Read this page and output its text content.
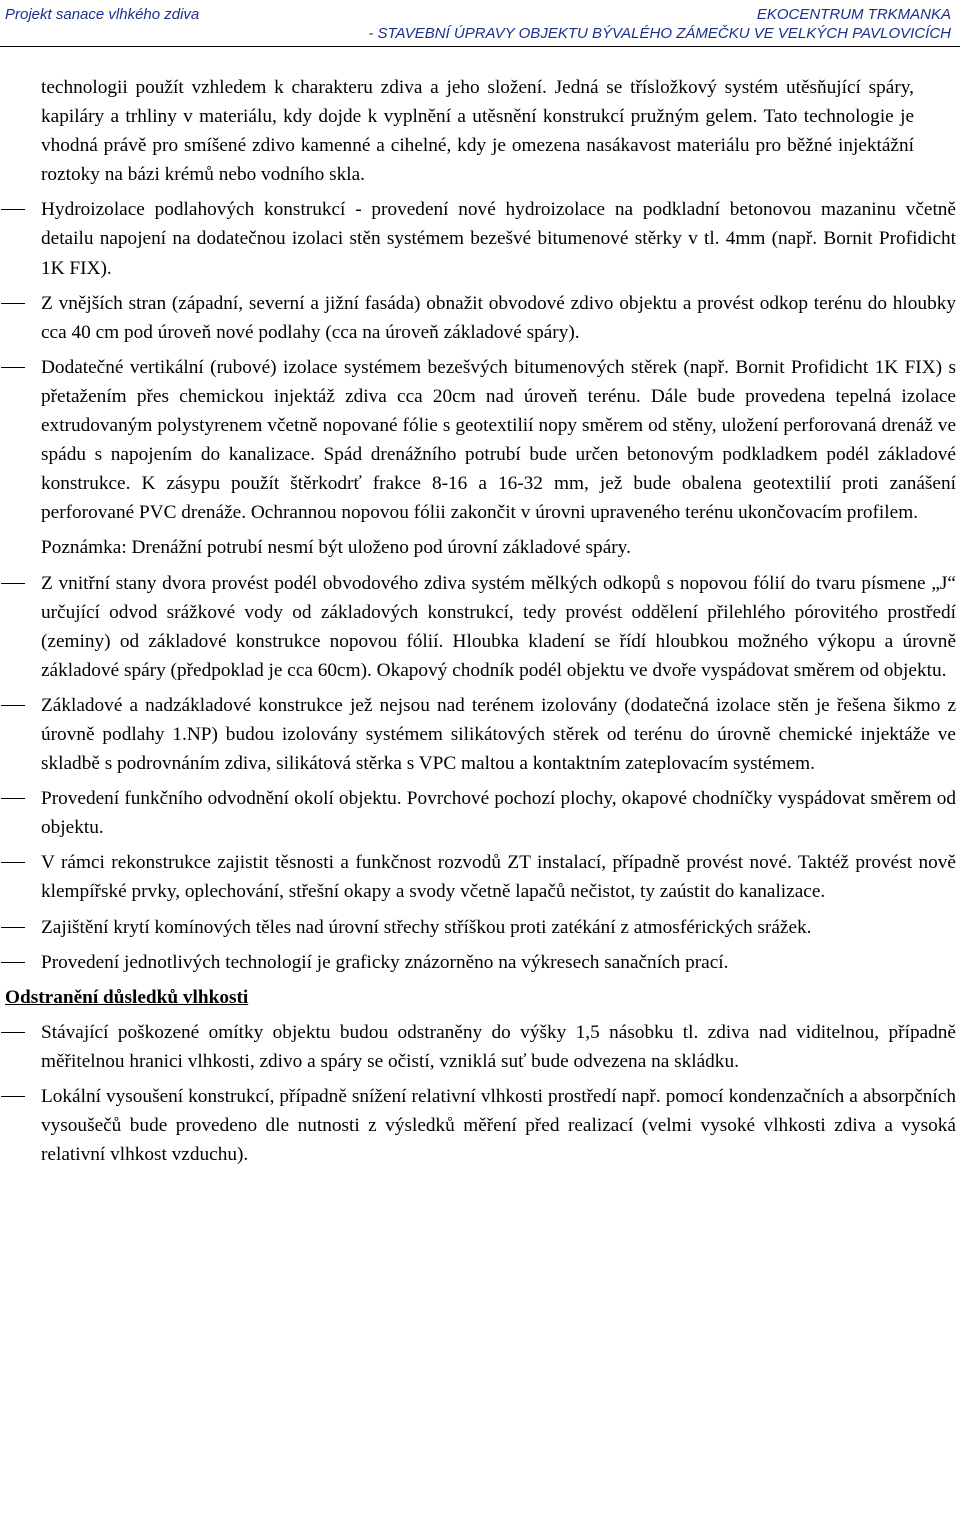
Projekt sanace vlhkého zdiva	EKOCENTRUM TRKMANKA
- STAVEBNÍ ÚPRAVY OBJEKTU BÝVALÉHO ZÁMEČKU VE VELKÝCH PAVLOVICÍCH

technologii použít vzhledem k charakteru zdiva a jeho složení. Jedná se třísložkový systém utěsňující spáry, kapiláry a trhliny v materiálu, kdy dojde k vyplnění a utěsnění konstrukcí pružným gelem. Tato technologie je vhodná právě pro smíšené zdivo kamenné a cihelné, kdy je omezena nasákavost materiálu pro běžné injektážní roztoky na bázi krémů nebo vodního skla.

Hydroizolace podlahových konstrukcí - provedení nové hydroizolace na podkladní betonovou mazaninu včetně detailu napojení na dodatečnou izolaci stěn systémem bezešvé bitumenové stěrky v tl. 4mm (např. Bornit Profidicht 1K FIX).
Z vnějších stran (západní, severní a jižní fasáda) obnažit obvodové zdivo objektu a provést odkop terénu do hloubky cca 40 cm pod úroveň nové podlahy (cca na úroveň základové spáry).
Dodatečné vertikální (rubové) izolace systémem bezešvých bitumenových stěrek (např. Bornit Profidicht 1K FIX) s přetažením přes chemickou injektáž zdiva cca 20cm nad úroveň terénu. Dále bude provedena tepelná izolace extrudovaným polystyrenem včetně nopované fólie s geotextilií nopy směrem od stěny, uložení perforovaná drenáž ve spádu s napojením do kanalizace. Spád drenážního potrubí bude určen betonovým podkladkem podél základové konstrukce. K zásypu použít štěrkodrť frakce 8-16 a 16-32 mm, jež bude obalena geotextilií proti zanášení perforované PVC drenáže. Ochrannou nopovou fólii zakončit v úrovni upraveného terénu ukončovacím profilem.
Poznámka: Drenážní potrubí nesmí být uloženo pod úrovní základové spáry.
Z vnitřní stany dvora provést podél obvodového zdiva systém mělkých odkopů s nopovou fólií do tvaru písmene „J“ určující odvod srážkové vody od základových konstrukcí, tedy provést oddělení přilehlého pórovitého prostředí (zeminy) od základové konstrukce nopovou fólií. Hloubka kladení se řídí hloubkou možného výkopu a úrovně základové spáry (předpoklad je cca 60cm). Okapový chodník podél objektu ve dvoře vyspádovat směrem od objektu.
Základové a nadzákladové konstrukce jež nejsou nad terénem izolovány (dodatečná izolace stěn je řešena šikmo z úrovně podlahy 1.NP) budou izolovány systémem silikátových stěrek od terénu do úrovně chemické injektáže ve skladbě s podrovnáním zdiva, silikátová stěrka s VPC maltou a kontaktním zateplovacím systémem.
Provedení funkčního odvodnění okolí objektu. Povrchové pochozí plochy, okapové chodníčky vyspádovat směrem od objektu.
V rámci rekonstrukce zajistit těsnosti a funkčnost rozvodů ZT instalací, případně provést nové. Taktéž provést nově klempířské prvky, oplechování, střešní okapy a svody včetně lapačů nečistot, ty zaústit do kanalizace.
Zajištění krytí komínových těles nad úrovní střechy stříškou proti zatékání z atmosférických srážek.
Provedení jednotlivých technologií je graficky znázorněno na výkresech sanačních prací.
Odstranění důsledků vlhkosti
Stávající poškozené omítky objektu budou odstraněny do výšky 1,5 násobku tl. zdiva nad viditelnou, případně měřitelnou hranici vlhkosti, zdivo a spáry se očistí, vzniklá suť bude odvezena na skládku.
Lokální vysoušení konstrukcí, případně snížení relativní vlhkosti prostředí např. pomocí kondenzačních a absorpčních vysoušečů bude provedeno dle nutnosti z výsledků měření před realizací (velmi vysoké vlhkosti zdiva a vysoká relativní vlhkost vzduchu).
